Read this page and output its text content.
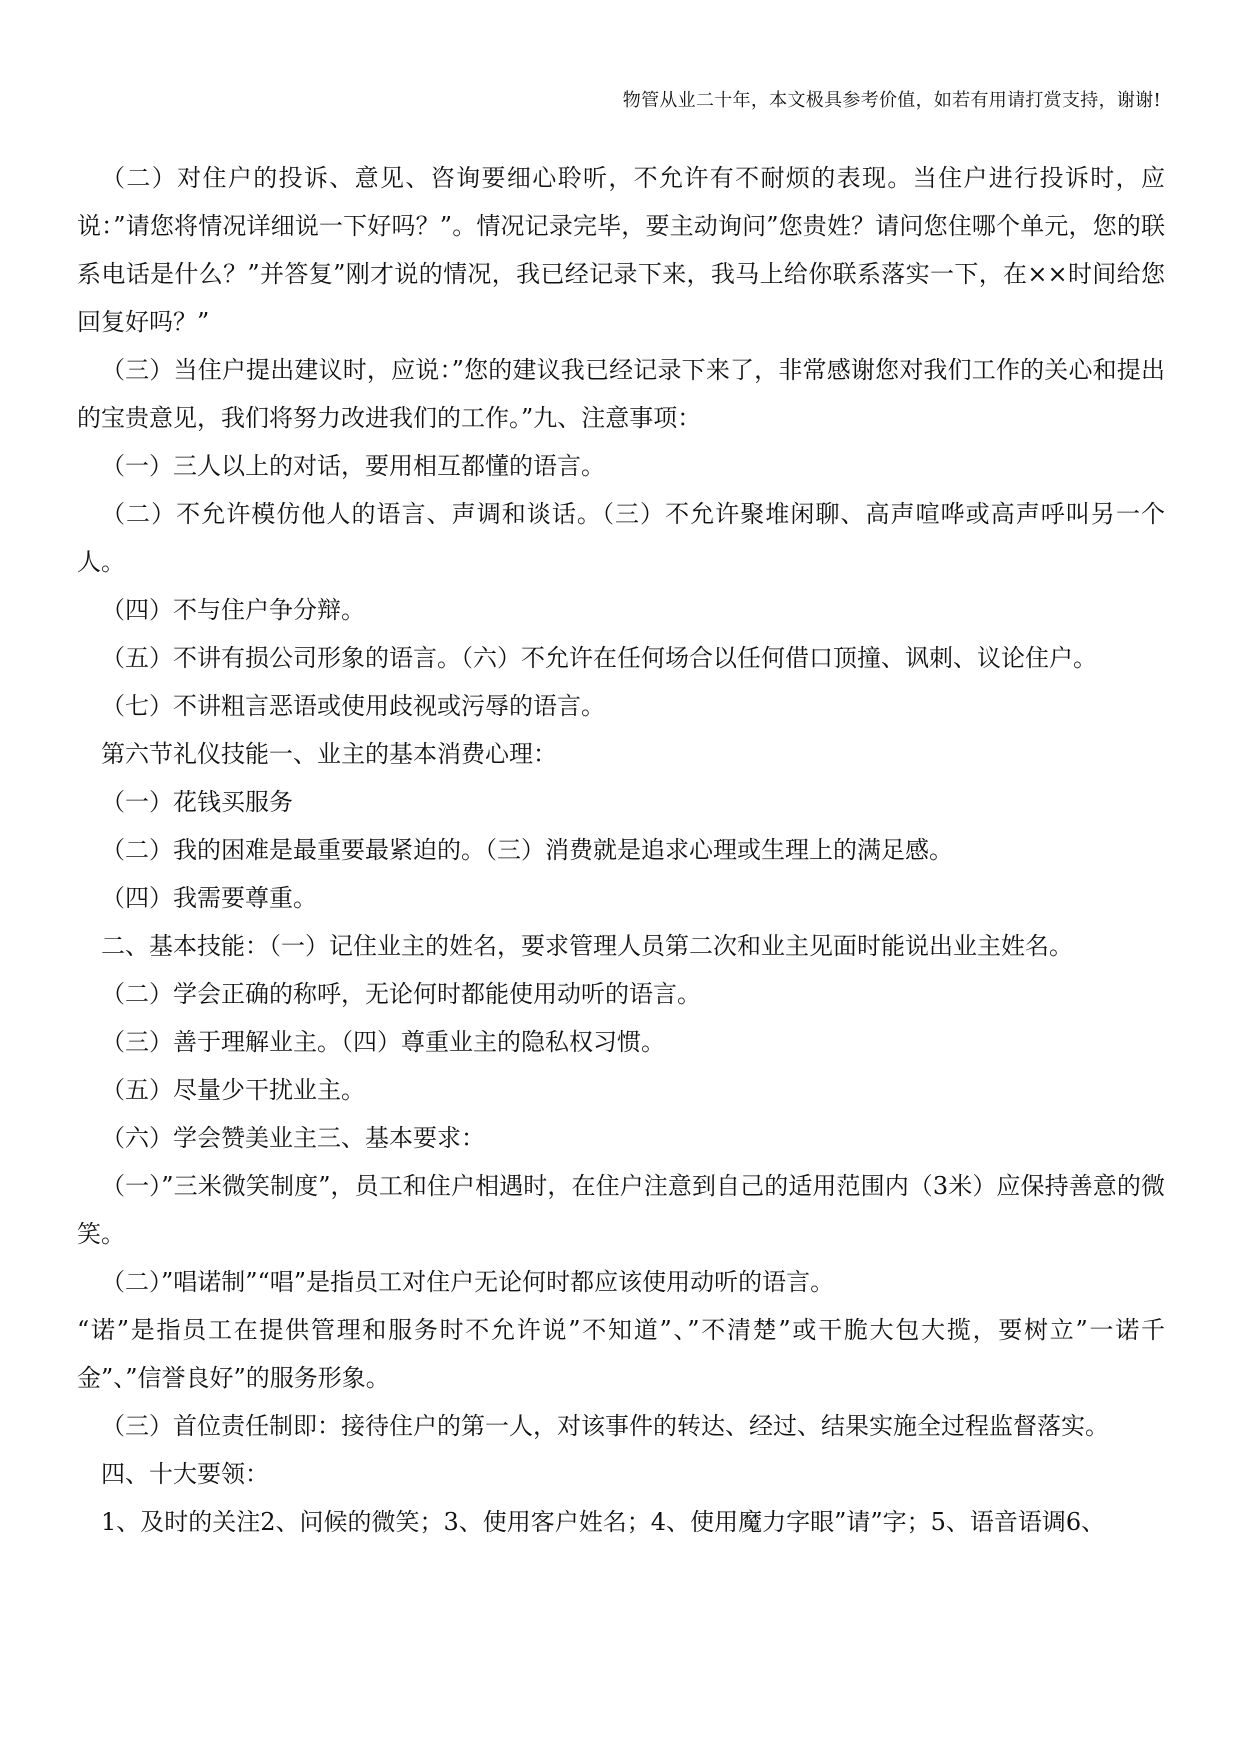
物管从业二十年，本文极具参考价值，如若有用请打赏支持，谢谢!

（二）对住户的投诉、意见、咨询要细心聆听，不允许有不耐烦的表现。当住户进行投诉时，应说：”请您将情况详细说一下好吗？”。情况记录完毕，要主动询问”您贵姓？请问您住哪个单元，您的联系电话是什么？”并答复”刚才说的情况，我已经记录下来，我马上给你联系落实一下，在××时间给您回复好吗？”

（三）当住户提出建议时，应说：”您的建议我已经记录下来了，非常感谢您对我们工作的关心和提出的宝贵意见，我们将努力改进我们的工作。”九、注意事项：

（一）三人以上的对话，要用相互都懂的语言。

（二）不允许模仿他人的语言、声调和谈话。（三）不允许聚堆闲聊、高声喧哗或高声呼叫另一个人。

（四）不与住户争分辩。

（五）不讲有损公司形象的语言。（六）不允许在任何场合以任何借口顶撞、讽刺、议论住户。

（七）不讲粗言恶语或使用歧视或污辱的语言。

第六节礼仪技能一、业主的基本消费心理：

（一）花钱买服务

（二）我的困难是最重要最紧迫的。（三）消费就是追求心理或生理上的满足感。

（四）我需要尊重。

二、基本技能：（一）记住业主的姓名，要求管理人员第二次和业主见面时能说出业主姓名。

（二）学会正确的称呼，无论何时都能使用动听的语言。

（三）善于理解业主。（四）尊重业主的隐私权习惯。

（五）尽量少干扰业主。

（六）学会赞美业主三、基本要求：

（一）”三米微笑制度”，员工和住户相遇时，在住户注意到自己的适用范围内（3米）应保持善意的微笑。

（二）”唱诺制”“唱”是指员工对住户无论何时都应该使用动听的语言。

“诺”是指员工在提供管理和服务时不允许说”不知道”、”不清楚”或干脆大包大揽，要树立”一诺千金”、”信誉良好”的服务形象。

（三）首位责任制即：接待住户的第一人，对该事件的转达、经过、结果实施全过程监督落实。

四、十大要领：

1、及时的关注2、问候的微笑；3、使用客户姓名；4、使用魔力字眼”请”字；5、语音语调6、
